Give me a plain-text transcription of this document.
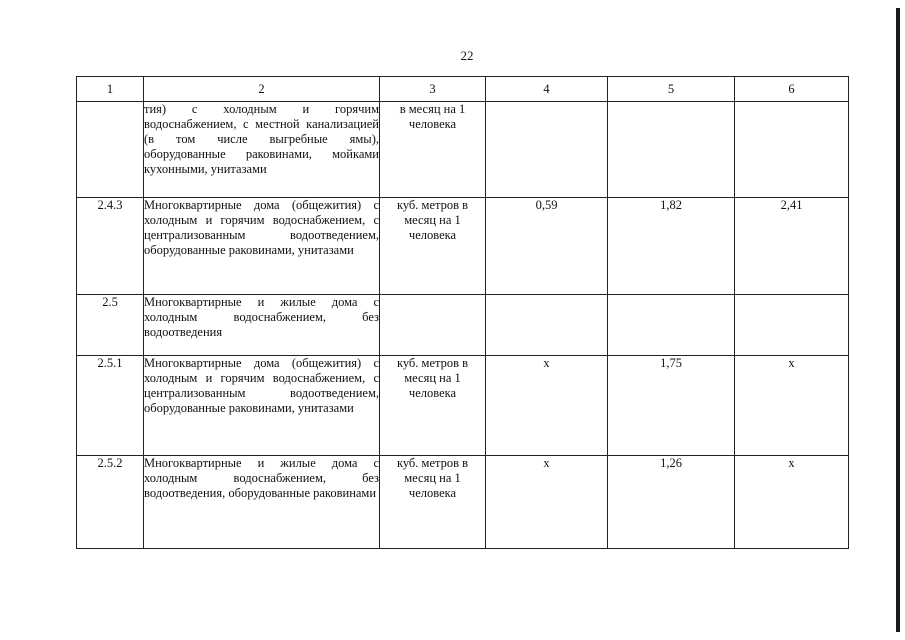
22
1	2	3	4	5	6
	тия) с холодным и горячим водоснабжением, с местной канализацией (в том числе выгребные ямы), оборудованные раковинами, мойками кухонными, унитазами	в месяц на 1 человека			
2.4.3	Многоквартирные дома (общежития) с холодным и горячим водоснабжением, с централизованным водоотведением, оборудованные раковинами, унитазами	куб. метров в месяц на 1 человека	0,59	1,82	2,41
2.5	Многоквартирные и жилые дома с холодным водоснабжением, без водоотведения				
2.5.1	Многоквартирные дома (общежития) с холодным и горячим водоснабжением, с централизованным водоотведением, оборудованные раковинами, унитазами	куб. метров в месяц на 1 человека	x	1,75	x
2.5.2	Многоквартирные и жилые дома с холодным водоснабжением, без водоотведения, оборудованные раковинами	куб. метров в месяц на 1 человека	x	1,26	x
